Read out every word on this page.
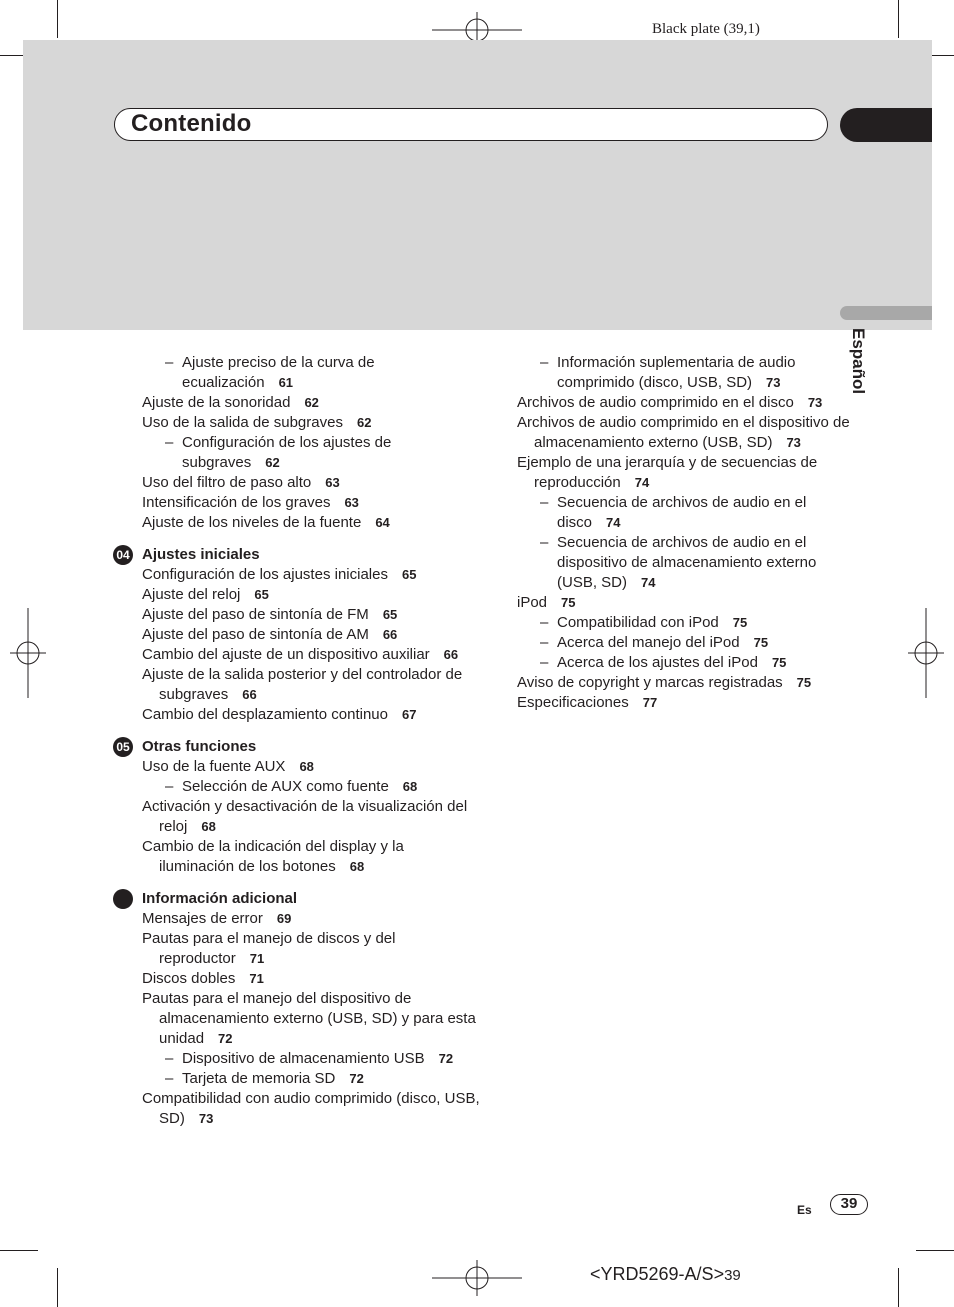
Black plate (39,1)
Contenido
Español
– Ajuste preciso de la curva de ecualización 61
Ajuste de la sonoridad 62
Uso de la salida de subgraves 62
– Configuración de los ajustes de subgraves 62
Uso del filtro de paso alto 63
Intensificación de los graves 63
Ajuste de los niveles de la fuente 64
04 Ajustes iniciales
Configuración de los ajustes iniciales 65
Ajuste del reloj 65
Ajuste del paso de sintonía de FM 65
Ajuste del paso de sintonía de AM 66
Cambio del ajuste de un dispositivo auxiliar 66
Ajuste de la salida posterior y del controlador de subgraves 66
Cambio del desplazamiento continuo 67
05 Otras funciones
Uso de la fuente AUX 68
– Selección de AUX como fuente 68
Activación y desactivación de la visualización del reloj 68
Cambio de la indicación del display y la iluminación de los botones 68
Información adicional
Mensajes de error 69
Pautas para el manejo de discos y del reproductor 71
Discos dobles 71
Pautas para el manejo del dispositivo de almacenamiento externo (USB, SD) y para esta unidad 72
– Dispositivo de almacenamiento USB 72
– Tarjeta de memoria SD 72
Compatibilidad con audio comprimido (disco, USB, SD) 73
– Información suplementaria de audio comprimido (disco, USB, SD) 73
Archivos de audio comprimido en el disco 73
Archivos de audio comprimido en el dispositivo de almacenamiento externo (USB, SD) 73
Ejemplo de una jerarquía y de secuencias de reproducción 74
– Secuencia de archivos de audio en el disco 74
– Secuencia de archivos de audio en el dispositivo de almacenamiento externo (USB, SD) 74
iPod 75
– Compatibilidad con iPod 75
– Acerca del manejo del iPod 75
– Acerca de los ajustes del iPod 75
Aviso de copyright y marcas registradas 75
Especificaciones 77
Es	39
<YRD5269-A/S>39
